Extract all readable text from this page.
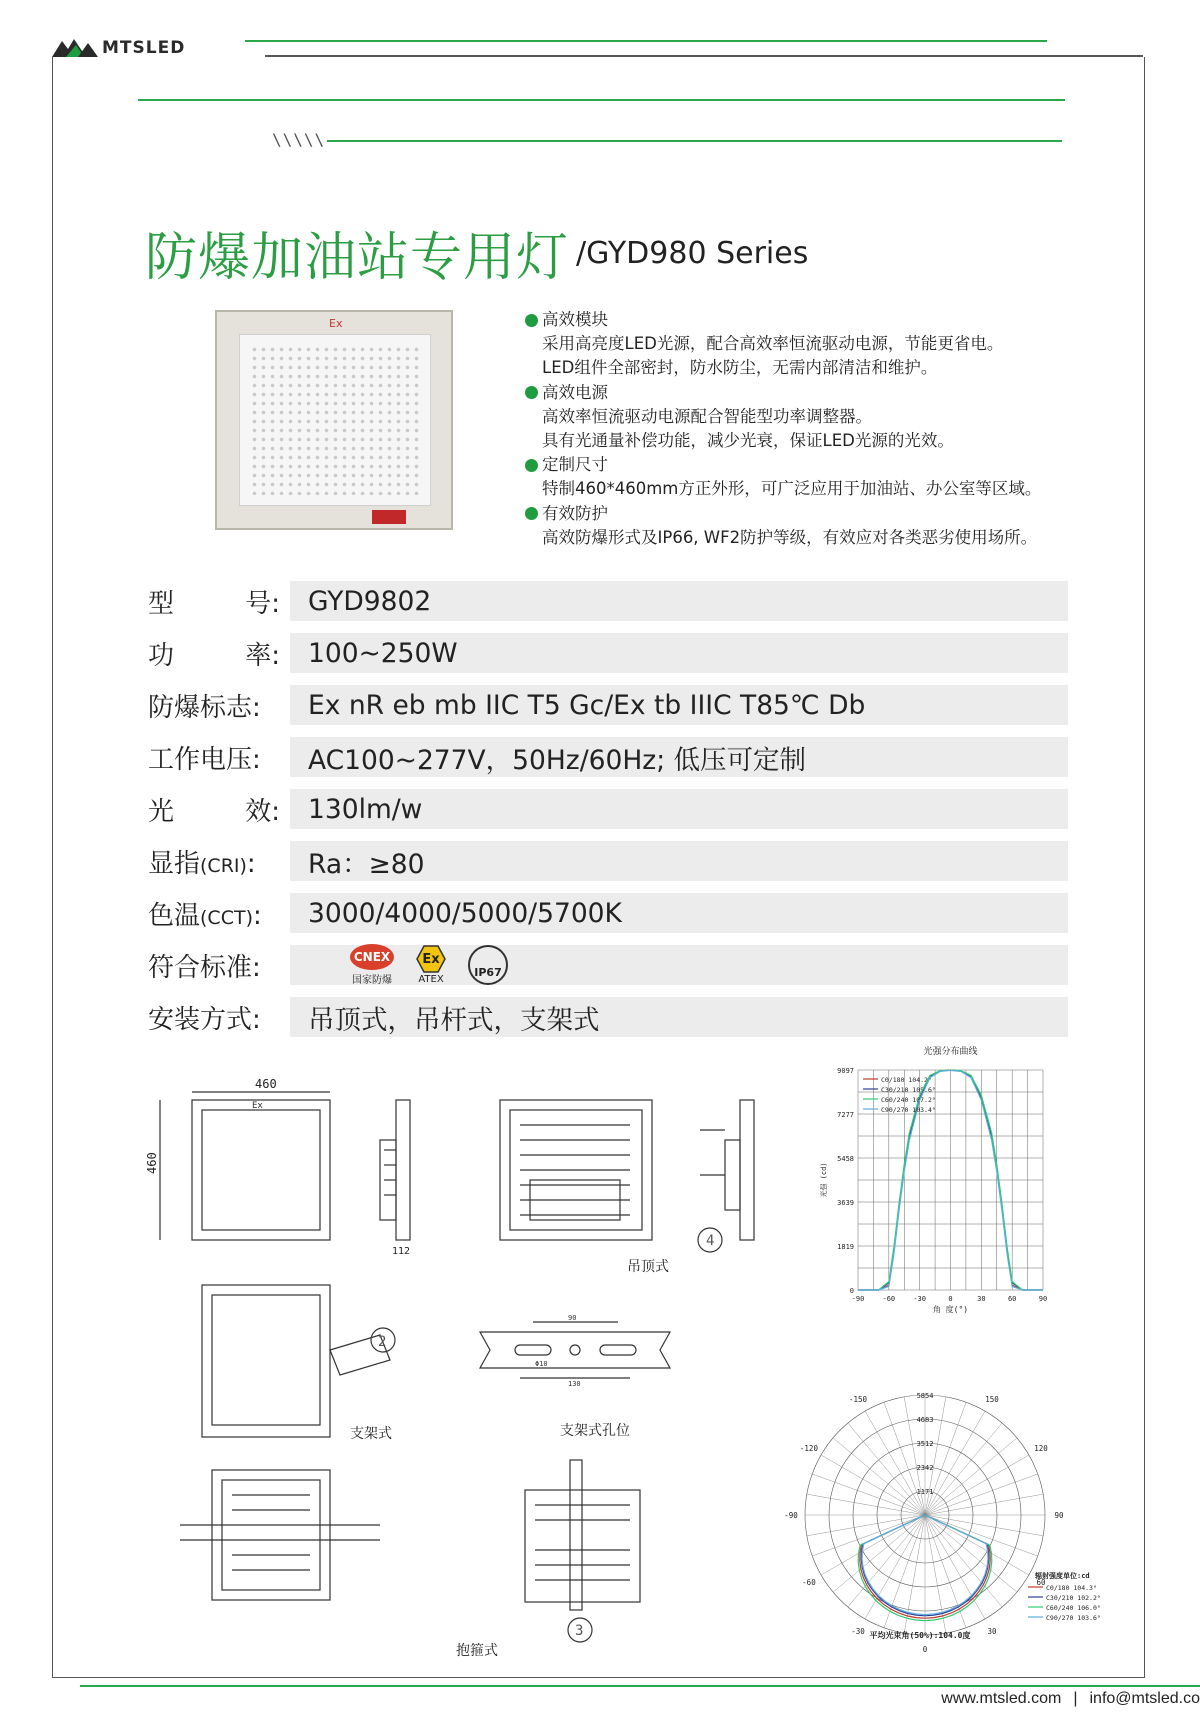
MTSLED
\\\\\
防爆加油站专用灯 /GYD980 Series
Ex	高效模块
采用高亮度LED光源，配合高效率恒流驱动电源，节能更省电。
LED组件全部密封，防水防尘，无需内部清洁和维护。
高效电源
高效率恒流驱动电源配合智能型功率调整器。
具有光通量补偿功能，减少光衰，保证LED光源的光效。
定制尺寸
特制460*460mm方正外形，可广泛应用于加油站、办公室等区域。
有效防护
高效防爆形式及IP66, WF2防护等级，有效应对各类恶劣使用场所。
型	号:	GYD9802
功	率:	100~250W
防爆标志:	Ex nR eb mb IIC T5 Gc/Ex tb IIIC T85℃ Db
工作电压:	AC100~277V，50Hz/60Hz; 低压可定制
光	效:	130lm/w
显指(CRI):	Ra：≥80
色温(CCT):	3000/4000/5000/5700K
符合标准:	CNEX
国家防爆
Ex
ATEX
IP67
安装方式:	吊顶式，吊杆式，支架式
460
460
Ex
112
4
2
3
90
130
Φ10
吊顶式
支架式	支架式孔位
抱箍式
光强分布曲线
-90	-60	-30	0	30	60	90
0
1819
3639
5458
7277
9097
角 度(°)
光强 (cd)
C0/180 104.2°
C30/210 105.6°
C60/240 107.2°
C90/270 103.4°
1171
2342
3512
4683
5854
-150	150
-120	120
-90	90
-60	60
-30	30
0
辐射强度单位:cd
C0/180 104.3°
C30/210 102.2°
C60/240 106.0°
C90/270 103.6°
平均光束角(50%):104.0度
www.mtsled.com | info@mtsled.co
